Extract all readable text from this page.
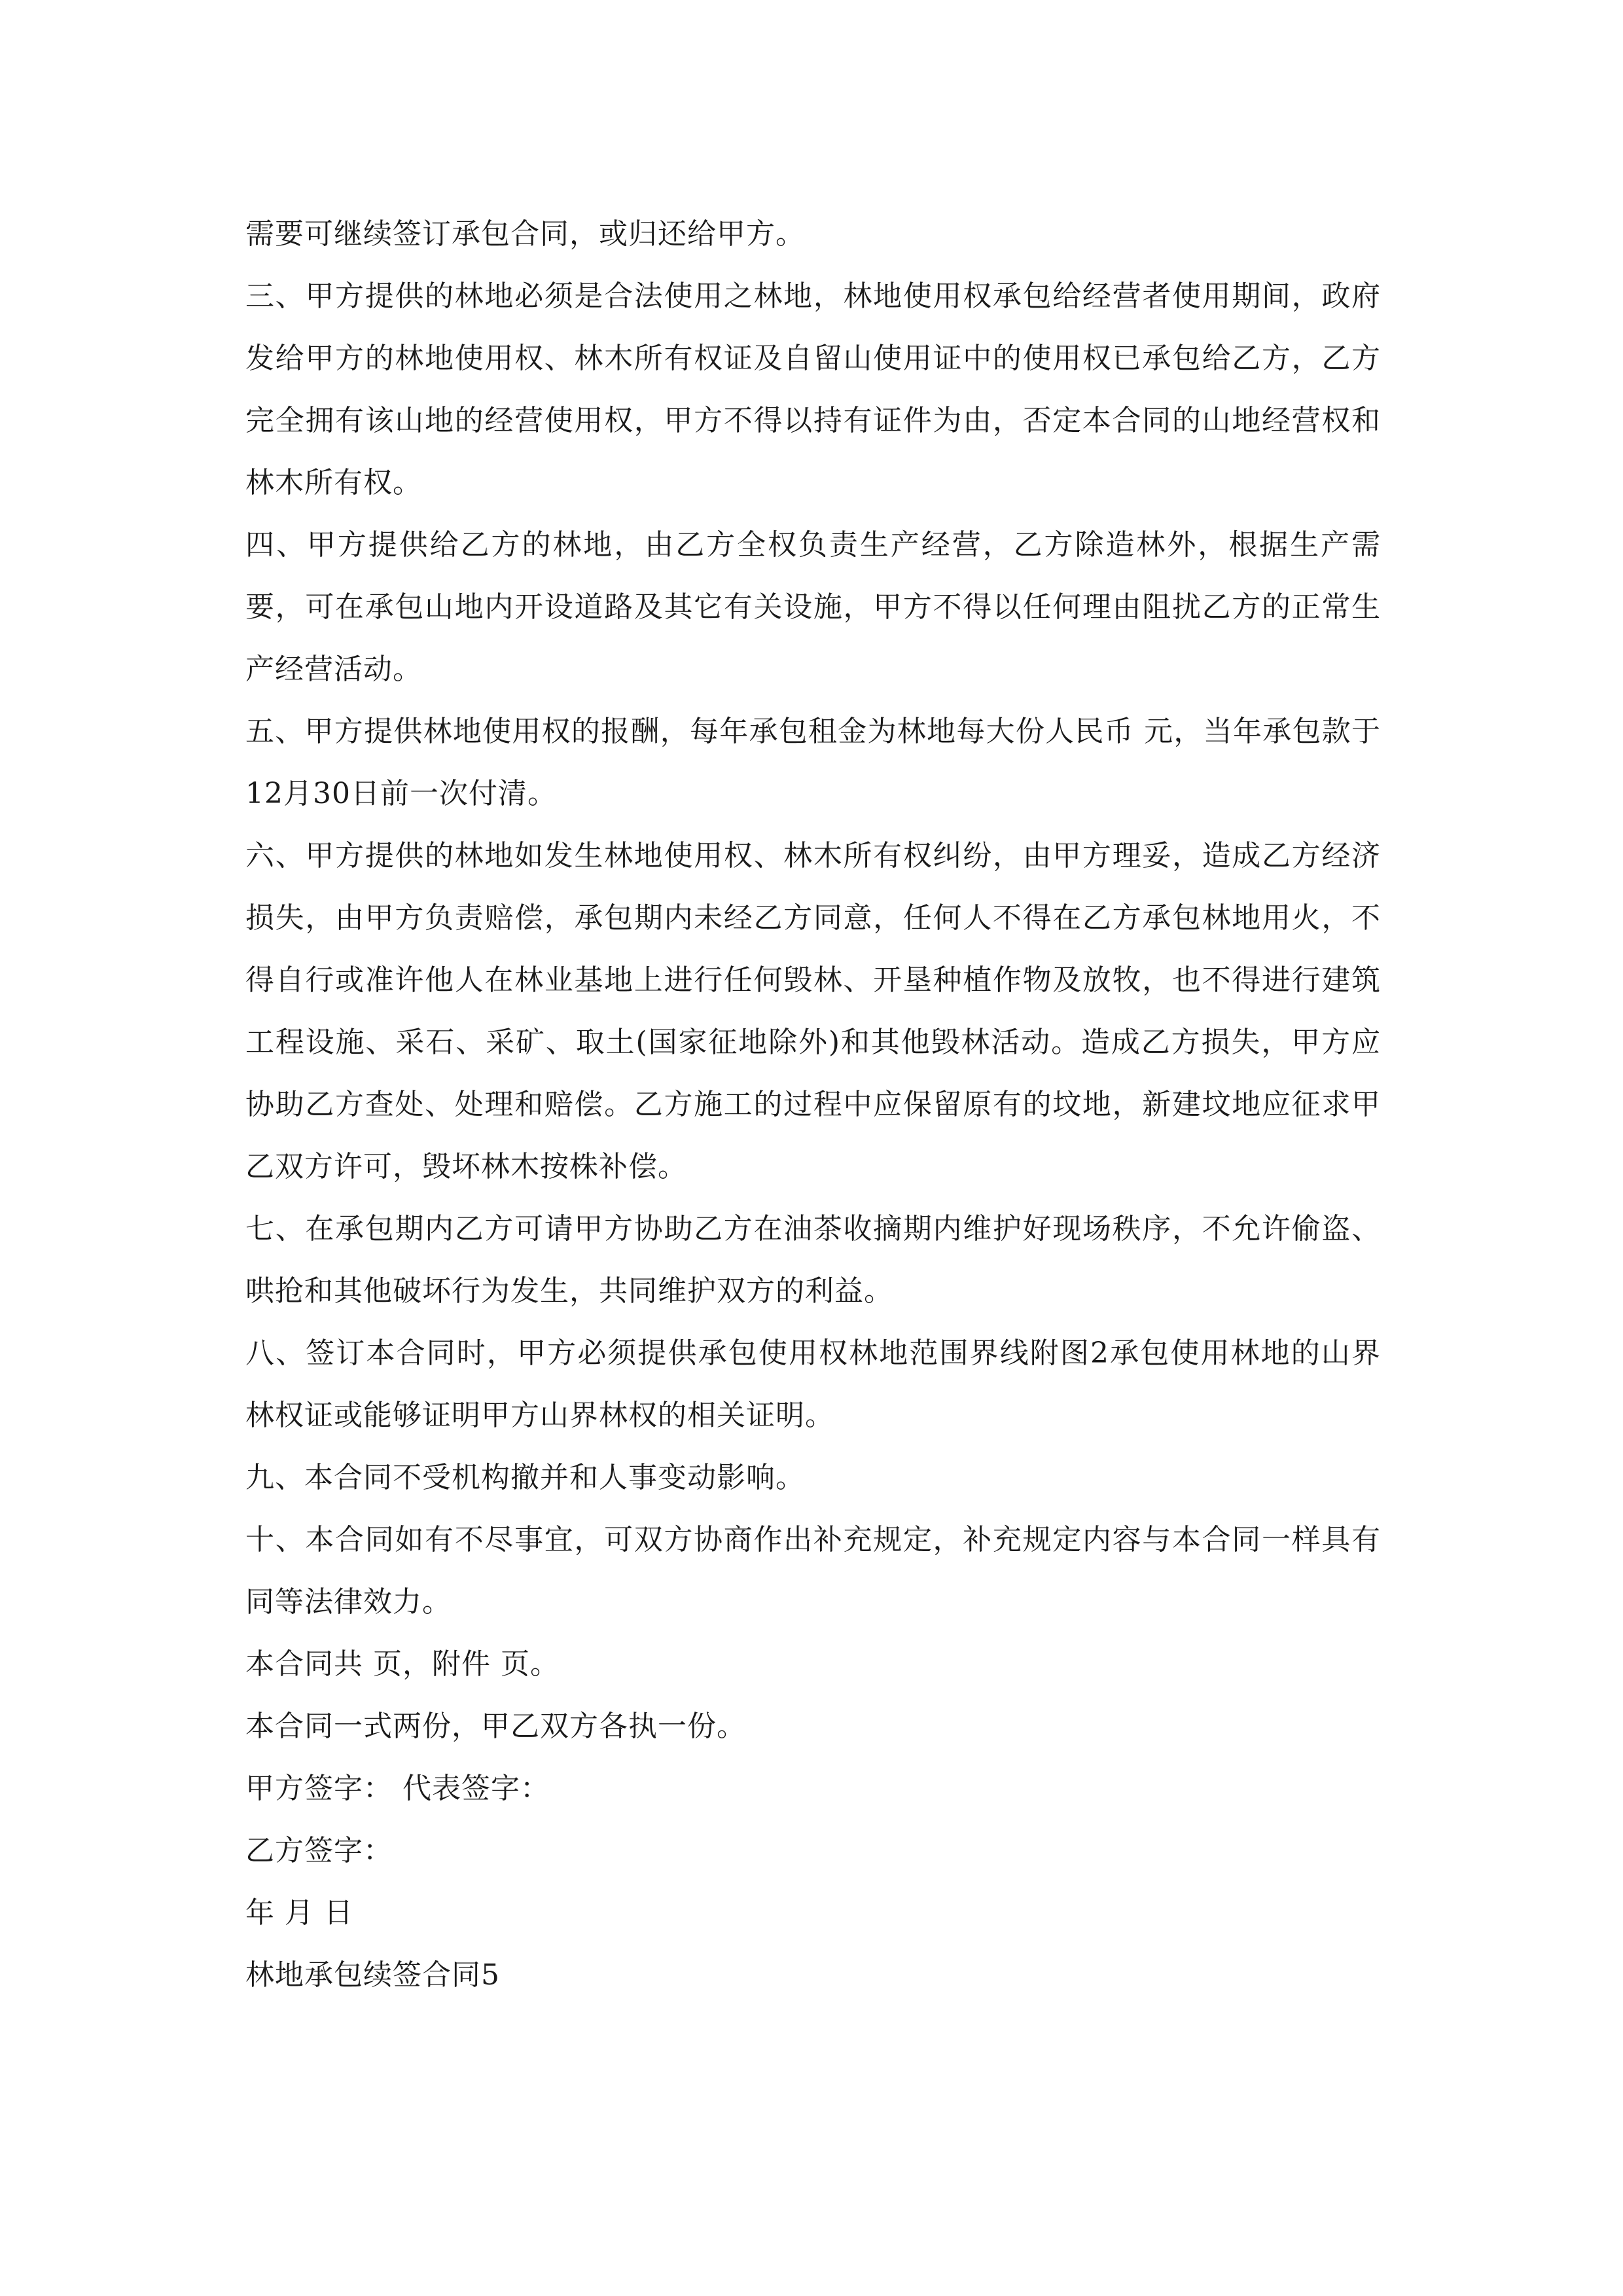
需要可继续签订承包合同，或归还给甲方。

三、甲方提供的林地必须是合法使用之林地，林地使用权承包给经营者使用期间，政府发给甲方的林地使用权、林木所有权证及自留山使用证中的使用权已承包给乙方，乙方完全拥有该山地的经营使用权，甲方不得以持有证件为由，否定本合同的山地经营权和林木所有权。

四、甲方提供给乙方的林地，由乙方全权负责生产经营，乙方除造林外，根据生产需要，可在承包山地内开设道路及其它有关设施，甲方不得以任何理由阻扰乙方的正常生产经营活动。

五、甲方提供林地使用权的报酬，每年承包租金为林地每大份人民币 元，当年承包款于12月30日前一次付清。

六、甲方提供的林地如发生林地使用权、林木所有权纠纷，由甲方理妥，造成乙方经济损失，由甲方负责赔偿，承包期内未经乙方同意，任何人不得在乙方承包林地用火，不得自行或准许他人在林业基地上进行任何毁林、开垦种植作物及放牧，也不得进行建筑工程设施、采石、采矿、取土(国家征地除外)和其他毁林活动。造成乙方损失，甲方应协助乙方查处、处理和赔偿。乙方施工的过程中应保留原有的坟地，新建坟地应征求甲乙双方许可，毁坏林木按株补偿。

七、在承包期内乙方可请甲方协助乙方在油茶收摘期内维护好现场秩序，不允许偷盗、哄抢和其他破坏行为发生，共同维护双方的利益。

八、签订本合同时，甲方必须提供承包使用权林地范围界线附图2承包使用林地的山界林权证或能够证明甲方山界林权的相关证明。

九、本合同不受机构撤并和人事变动影响。

十、本合同如有不尽事宜，可双方协商作出补充规定，补充规定内容与本合同一样具有同等法律效力。

本合同共 页，附件 页。

本合同一式两份，甲乙双方各执一份。

甲方签字： 代表签字：

乙方签字：

年 月 日

林地承包续签合同5
